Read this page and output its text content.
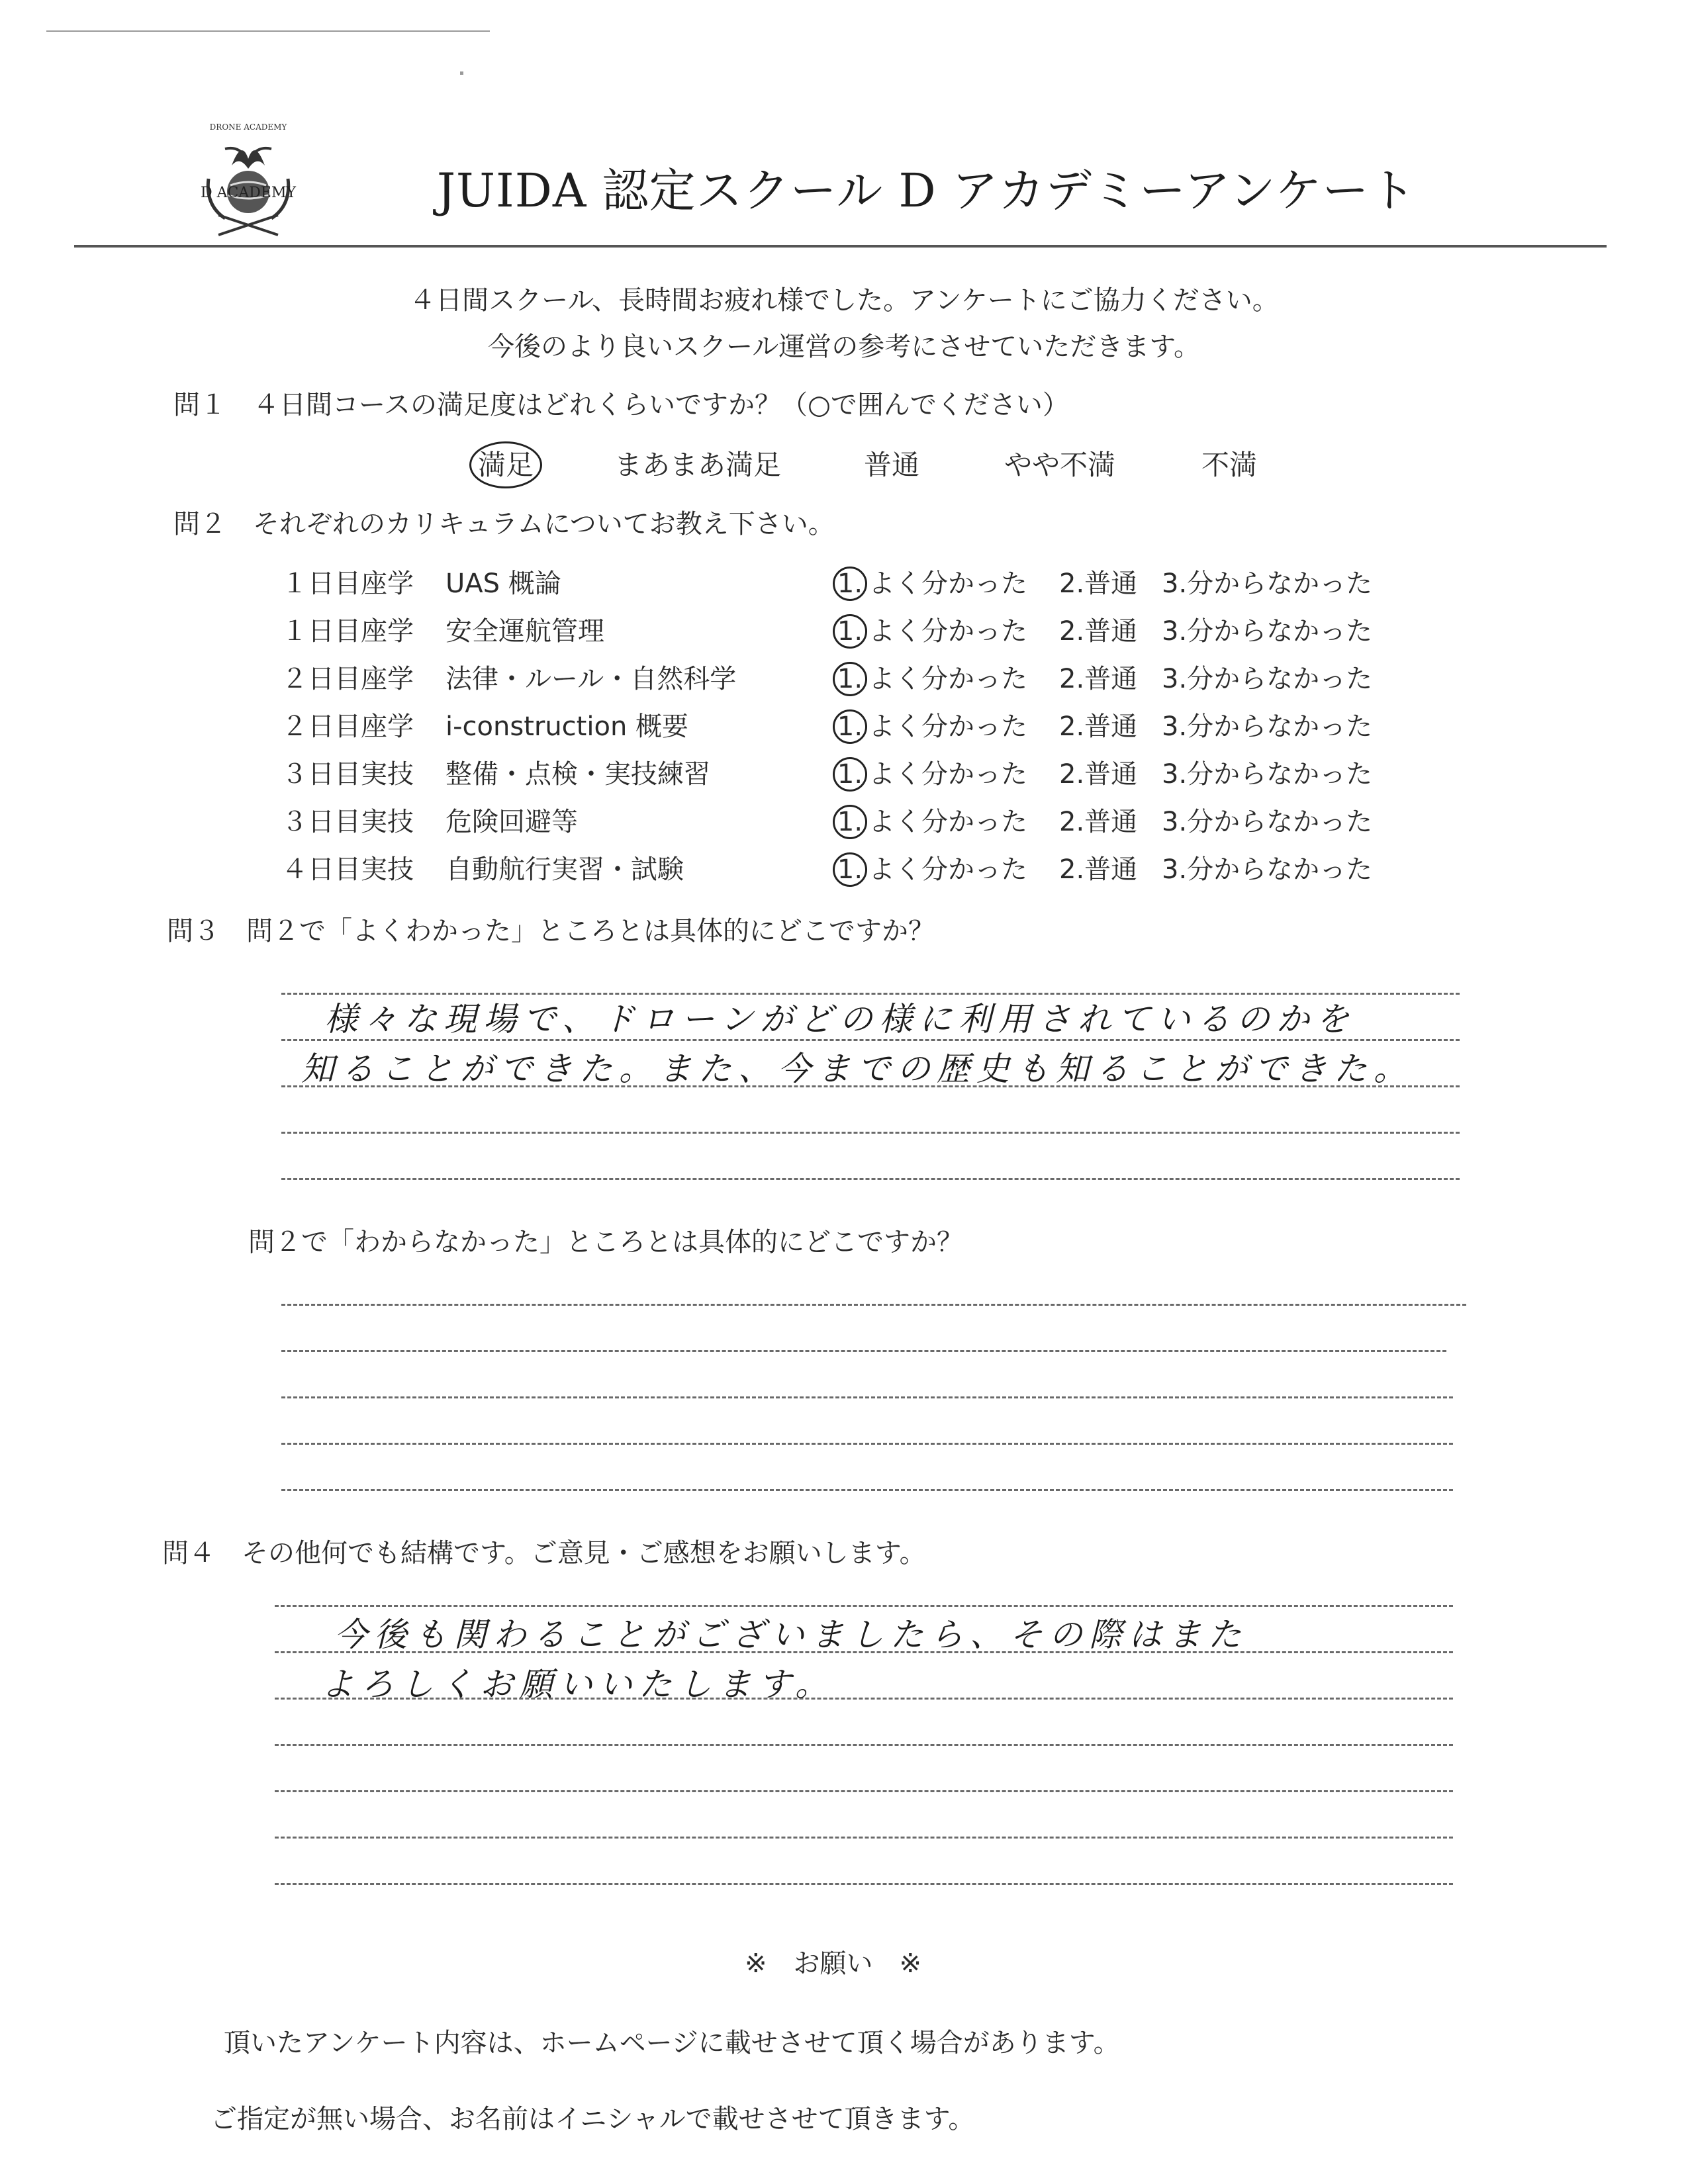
DRONE ACADEMY
D ACADEMY	JUIDA 認定スクール D アカデミーアンケート
４日間スクール、長時間お疲れ様でした。アンケートにご協力ください。
今後のより良いスクール運営の参考にさせていただきます。
問１　４日間コースの満足度はどれくらいですか？（○で囲んでください）
満足	まあまあ満足	普通	やや不満	不満
問２　それぞれのカリキュラムについてお教え下さい。
１日目座学 UAS 概論	1. よく分かった 2.普通 3.分からなかった
１日目座学 安全運航管理	1. よく分かった 2.普通 3.分からなかった
２日目座学 法律・ルール・自然科学	1. よく分かった 2.普通 3.分からなかった
２日目座学 i-construction 概要	1. よく分かった 2.普通 3.分からなかった
３日目実技 整備・点検・実技練習	1. よく分かった 2.普通 3.分からなかった
３日目実技 危険回避等	1. よく分かった 2.普通 3.分からなかった
４日目実技 自動航行実習・試験	1. よく分かった 2.普通 3.分からなかった
問３　問２で「よくわかった」ところとは具体的にどこですか？
様々な現場で、ドローンがどの様に利用されているのかを
知ることができた。また、今までの歴史も知ることができた。
問２で「わからなかった」ところとは具体的にどこですか？
問４　その他何でも結構です。ご意見・ご感想をお願いします。
今後も関わることがございましたら、その際はまた
よろしくお願いいたします。
※　お願い　※
頂いたアンケート内容は、ホームページに載せさせて頂く場合があります。
ご指定が無い場合、お名前はイニシャルで載せさせて頂きます。
